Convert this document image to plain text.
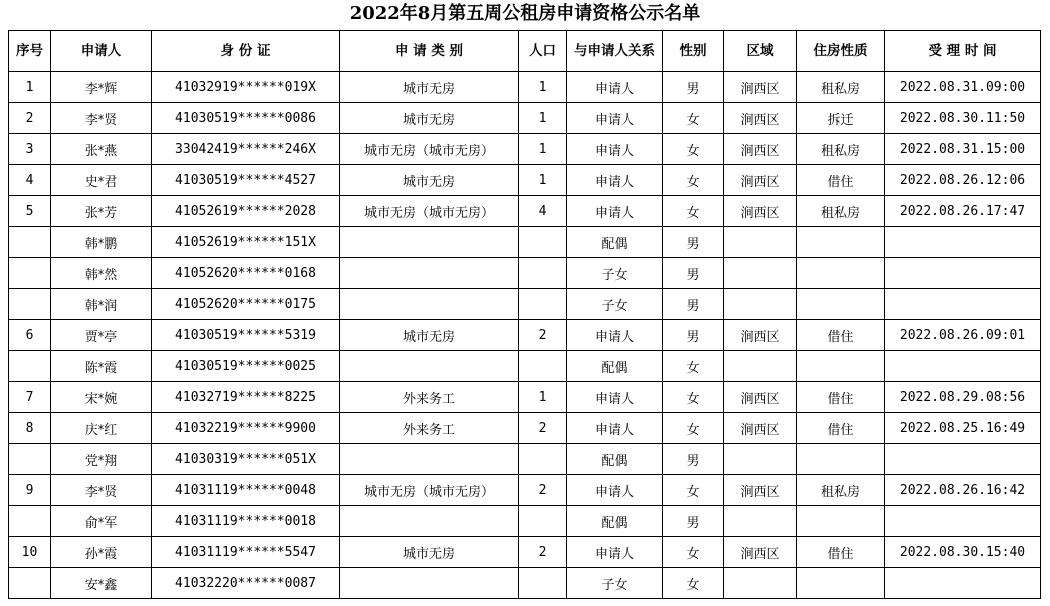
2022年8月第五周公租房申请资格公示名单
序号	申请人	身 份 证	申 请 类 别	人口	与申请人关系	性别	区域	住房性质	受 理 时 间
1	李*辉	41032919******019X	城市无房	1	申请人	男	涧西区	租私房	2022.08.31.09:00
2	李*贤	41030519******0086	城市无房	1	申请人	女	涧西区	拆迁	2022.08.30.11:50
3	张*燕	33042419******246X	城市无房（城市无房）	1	申请人	女	涧西区	租私房	2022.08.31.15:00
4	史*君	41030519******4527	城市无房	1	申请人	女	涧西区	借住	2022.08.26.12:06
5	张*芳	41052619******2028	城市无房（城市无房）	4	申请人	女	涧西区	租私房	2022.08.26.17:47
	韩*鹏	41052619******151X			配偶	男			
	韩*然	41052620******0168			子女	男			
	韩*润	41052620******0175			子女	男			
6	贾*亭	41030519******5319	城市无房	2	申请人	男	涧西区	借住	2022.08.26.09:01
	陈*霞	41030519******0025			配偶	女			
7	宋*婉	41032719******8225	外来务工	1	申请人	女	涧西区	借住	2022.08.29.08:56
8	庆*红	41032219******9900	外来务工	2	申请人	女	涧西区	借住	2022.08.25.16:49
	党*翔	41030319******051X			配偶	男			
9	李*贤	41031119******0048	城市无房（城市无房）	2	申请人	女	涧西区	租私房	2022.08.26.16:42
	俞*军	41031119******0018			配偶	男			
10	孙*霞	41031119******5547	城市无房	2	申请人	女	涧西区	借住	2022.08.30.15:40
	安*鑫	41032220******0087			子女	女			
